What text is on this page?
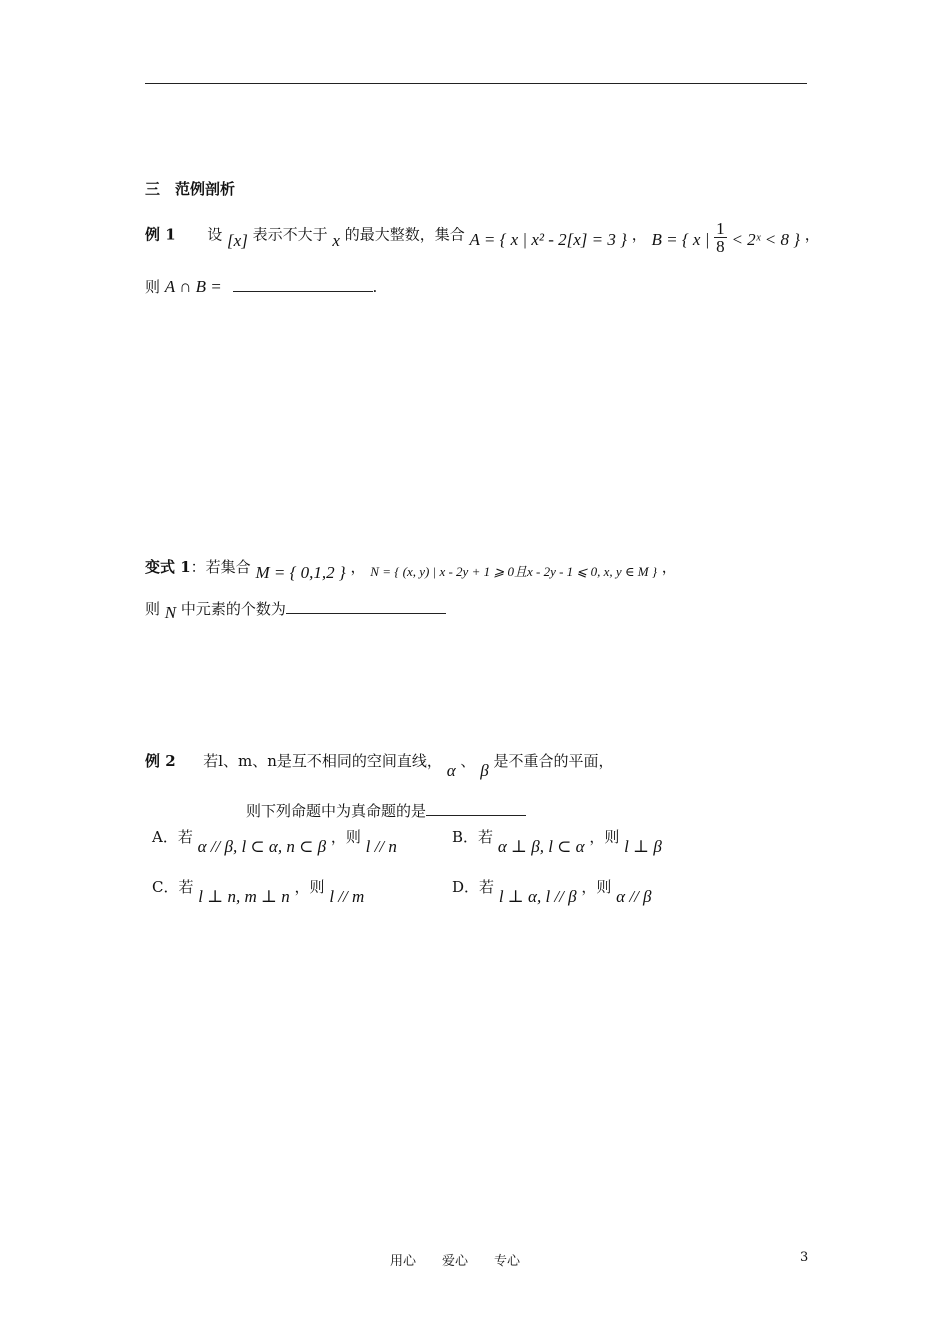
三　范例剖析
例 1 设 [x] 表示不大于 x 的最大整数，集合 A = { x | x² - 2[x] = 3 } ， B = { x | $\frac{1}{8}$ < 2ˣ < 8 } ，
则 A ∩ B =	.
变式 1：若集合 M = { 0,1,2 } ， N = { (x, y) | x - 2y + 1 ⩾ 0且x - 2y - 1 ⩽ 0, x, y ∈ M } ，
则 N 中元素的个数为
例 2 若l、m、n是互不相同的空间直线， α 、 β 是不重合的平面，
则下列命题中为真命题的是
A．若 α // β, l ⊂ α, n ⊂ β ，则 l // n	B．若 α ⊥ β, l ⊂ α ，则 l ⊥ β
C．若 l ⊥ n, m ⊥ n ，则 l // m	D．若 l ⊥ α, l // β ，则 α // β
用心　　爱心　　专心	3
